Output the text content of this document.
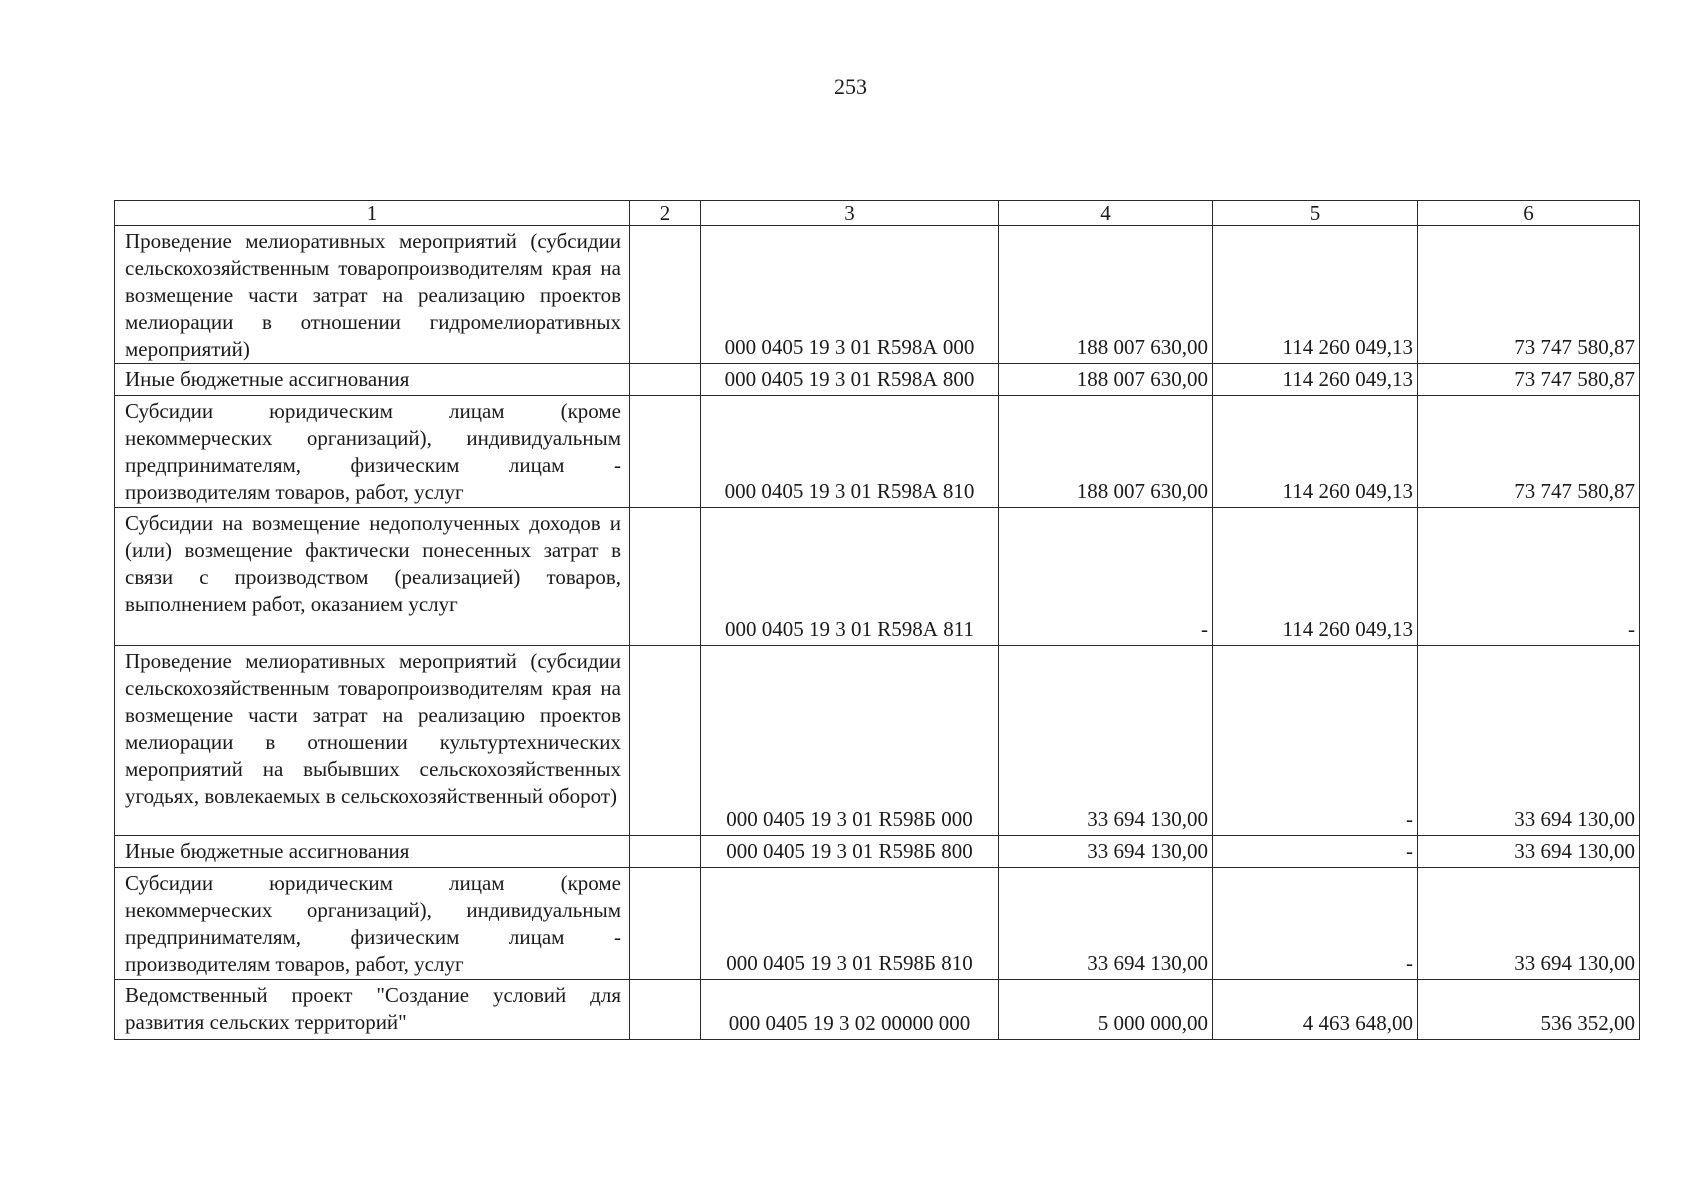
253
1	2	3	4	5	6
Проведение мелиоративных мероприятий (субсидии сельскохозяйственным товаропроизводителям края на возмещение части затрат на реализацию проектов мелиорации в отношении гидромелиоративных мероприятий)		000 0405 19 3 01 R598А 000	188 007 630,00	114 260 049,13	73 747 580,87
Иные бюджетные ассигнования		000 0405 19 3 01 R598А 800	188 007 630,00	114 260 049,13	73 747 580,87
Субсидии юридическим лицам (кроме некоммерческих организаций), индивидуальным предпринимателям, физическим лицам - производителям товаров, работ, услуг		000 0405 19 3 01 R598А 810	188 007 630,00	114 260 049,13	73 747 580,87
Субсидии на возмещение недополученных доходов и (или) возмещение фактически понесенных затрат в связи с производством (реализацией) товаров, выполнением работ, оказанием услуг		000 0405 19 3 01 R598А 811	-	114 260 049,13	-
Проведение мелиоративных мероприятий (субсидии сельскохозяйственным товаропроизводителям края на возмещение части затрат на реализацию проектов мелиорации в отношении культуртехнических мероприятий на выбывших сельскохозяйственных угодьях, вовлекаемых в сельскохозяйственный оборот)		000 0405 19 3 01 R598Б 000	33 694 130,00	-	33 694 130,00
Иные бюджетные ассигнования		000 0405 19 3 01 R598Б 800	33 694 130,00	-	33 694 130,00
Субсидии юридическим лицам (кроме некоммерческих организаций), индивидуальным предпринимателям, физическим лицам - производителям товаров, работ, услуг		000 0405 19 3 01 R598Б 810	33 694 130,00	-	33 694 130,00
Ведомственный проект "Создание условий для развития сельских территорий"		000 0405 19 3 02 00000 000	5 000 000,00	4 463 648,00	536 352,00
